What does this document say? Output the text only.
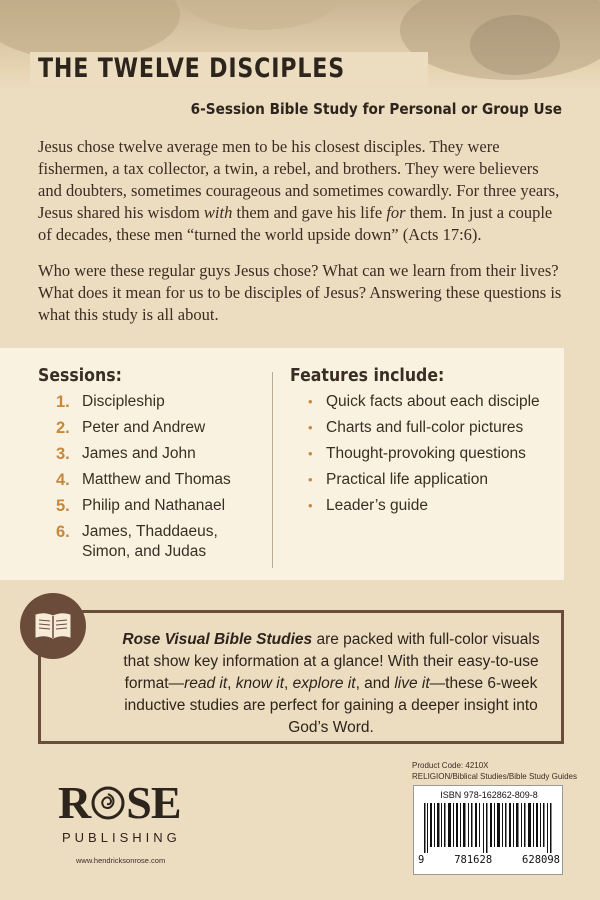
THE TWELVE DISCIPLES
6-Session Bible Study for Personal or Group Use

Jesus chose twelve average men to be his closest disciples. They were fishermen, a tax collector, a twin, a rebel, and brothers. They were believers and doubters, sometimes courageous and sometimes cowardly. For three years, Jesus shared his wisdom with them and gave his life for them. In just a couple of decades, these men “turned the world upside down” (Acts 17:6).

Who were these regular guys Jesus chose? What can we learn from their lives? What does it mean for us to be disciples of Jesus? Answering these questions is what this study is all about.

Sessions:	Features include:
1. Discipleship
2. Peter and Andrew
3. James and John
4. Matthew and Thomas
5. Philip and Nathanael
6. James, Thaddaeus, Simon, and Judas
• Quick facts about each disciple
• Charts and full-color pictures
• Thought-provoking questions
• Practical life application
• Leader’s guide
Rose Visual Bible Studies are packed with full-color visuals that show key information at a glance! With their easy-to-use format—read it, know it, explore it, and live it—these 6-week inductive studies are perfect for gaining a deeper insight into God’s Word.
R SE
PUBLISHING
www.hendricksonrose.com
Product Code: 4210X
RELIGION/Biblical Studies/Bible Study Guides
ISBN 978-162862-809-8
9	781628	628098
